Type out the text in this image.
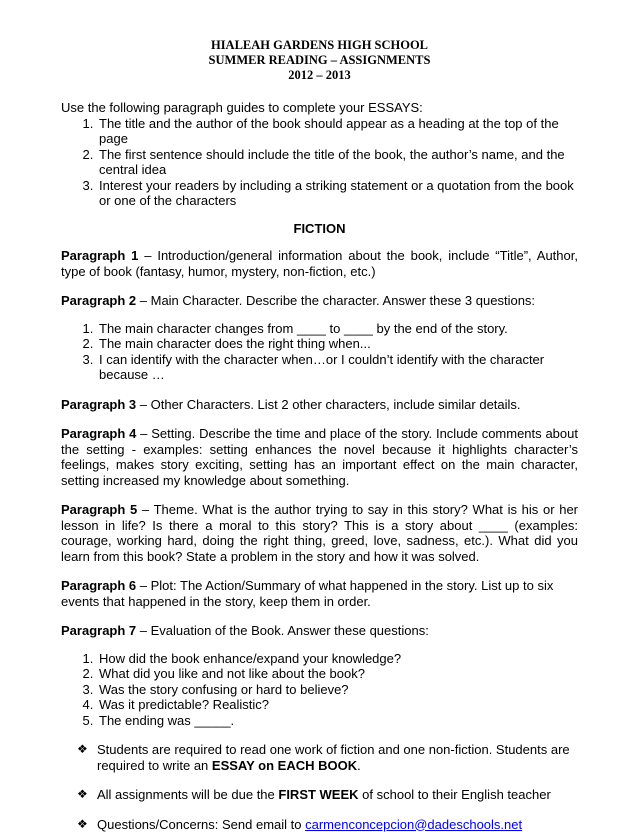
HIALEAH GARDENS HIGH SCHOOL
SUMMER READING – ASSIGNMENTS
2012 – 2013
Use the following paragraph guides to complete your ESSAYS:
1. The title and the author of the book should appear as a heading at the top of the page
2. The first sentence should include the title of the book, the author’s name, and the central idea
3. Interest your readers by including a striking statement or a quotation from the book or one of the characters
FICTION

Paragraph 1 – Introduction/general information about the book, include “Title”, Author, type of book (fantasy, humor, mystery, non-fiction, etc.)

Paragraph 2 – Main Character. Describe the character. Answer these 3 questions:

1. The main character changes from ____ to ____ by the end of the story.
2. The main character does the right thing when...
3. I can identify with the character when…or I couldn’t identify with the character because …

Paragraph 3 – Other Characters. List 2 other characters, include similar details.

Paragraph 4 – Setting. Describe the time and place of the story. Include comments about the setting - examples: setting enhances the novel because it highlights character’s feelings, makes story exciting, setting has an important effect on the main character, setting increased my knowledge about something.

Paragraph 5 – Theme. What is the author trying to say in this story? What is his or her lesson in life? Is there a moral to this story? This is a story about ____ (examples: courage, working hard, doing the right thing, greed, love, sadness, etc.). What did you learn from this book? State a problem in the story and how it was solved.

Paragraph 6 – Plot: The Action/Summary of what happened in the story. List up to six events that happened in the story, keep them in order.

Paragraph 7 – Evaluation of the Book. Answer these questions:

1. How did the book enhance/expand your knowledge?
2. What did you like and not like about the book?
3. Was the story confusing or hard to believe?
4. Was it predictable? Realistic?
5. The ending was _____.
❖ Students are required to read one work of fiction and one non-fiction. Students are required to write an ESSAY on EACH BOOK.
❖ All assignments will be due the FIRST WEEK of school to their English teacher
❖ Questions/Concerns: Send email to carmenconcepcion@dadeschools.net
